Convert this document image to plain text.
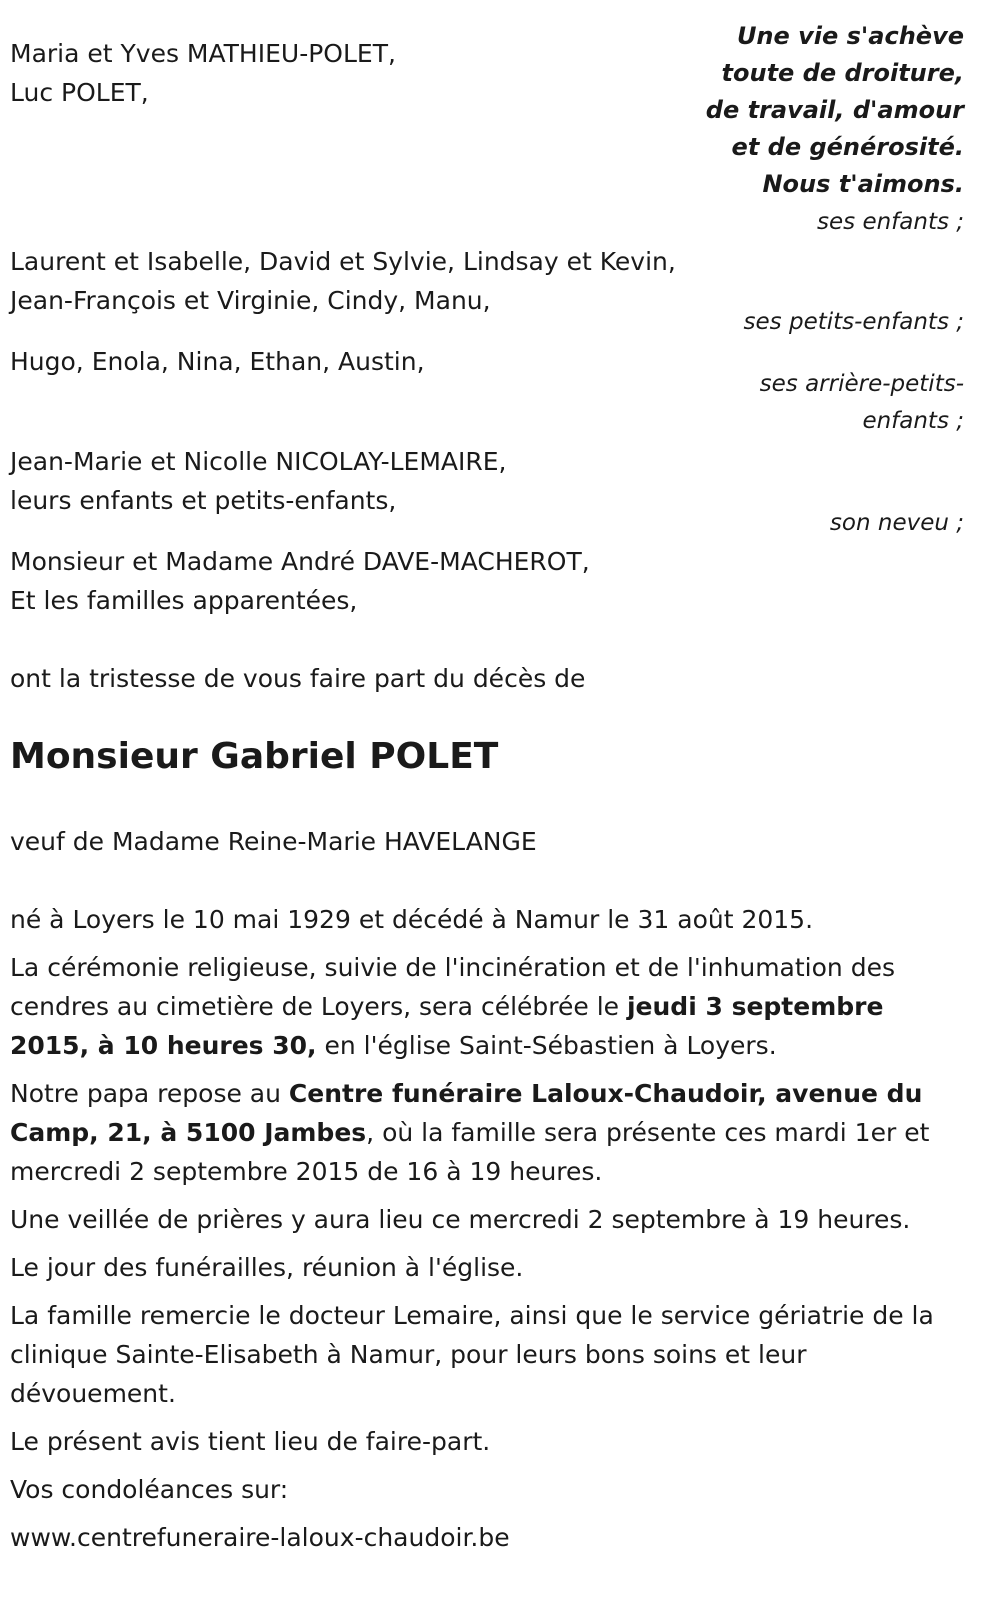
Une vie s'achève
toute de droiture,
de travail, d'amour
et de générosité.
Nous t'aimons.
Maria et Yves MATHIEU-POLET,
Luc POLET,
ses enfants ;
Laurent et Isabelle, David et Sylvie, Lindsay et Kevin,
Jean-François et Virginie, Cindy, Manu,
ses petits-enfants ;
Hugo, Enola, Nina, Ethan, Austin,
ses arrière-petits-
enfants ;
Jean-Marie et Nicolle NICOLAY-LEMAIRE,
leurs enfants et petits-enfants,
son neveu ;
Monsieur et Madame André DAVE-MACHEROT,
Et les familles apparentées,
ont la tristesse de vous faire part du décès de
Monsieur Gabriel POLET
veuf de Madame Reine-Marie HAVELANGE
né à Loyers le 10 mai 1929 et décédé à Namur le 31 août 2015.
La cérémonie religieuse, suivie de l'incinération et de l'inhumation des cendres au cimetière de Loyers, sera célébrée le jeudi 3 septembre 2015, à 10 heures 30, en l'église Saint-Sébastien à Loyers.
Notre papa repose au Centre funéraire Laloux-Chaudoir, avenue du Camp, 21, à 5100 Jambes, où la famille sera présente ces mardi 1er et mercredi 2 septembre 2015 de 16 à 19 heures.
Une veillée de prières y aura lieu ce mercredi 2 septembre à 19 heures.
Le jour des funérailles, réunion à l'église.
La famille remercie le docteur Lemaire, ainsi que le service gériatrie de la clinique Sainte-Elisabeth à Namur, pour leurs bons soins et leur dévouement.
Le présent avis tient lieu de faire-part.
Vos condoléances sur:
www.centrefuneraire-laloux-chaudoir.be
